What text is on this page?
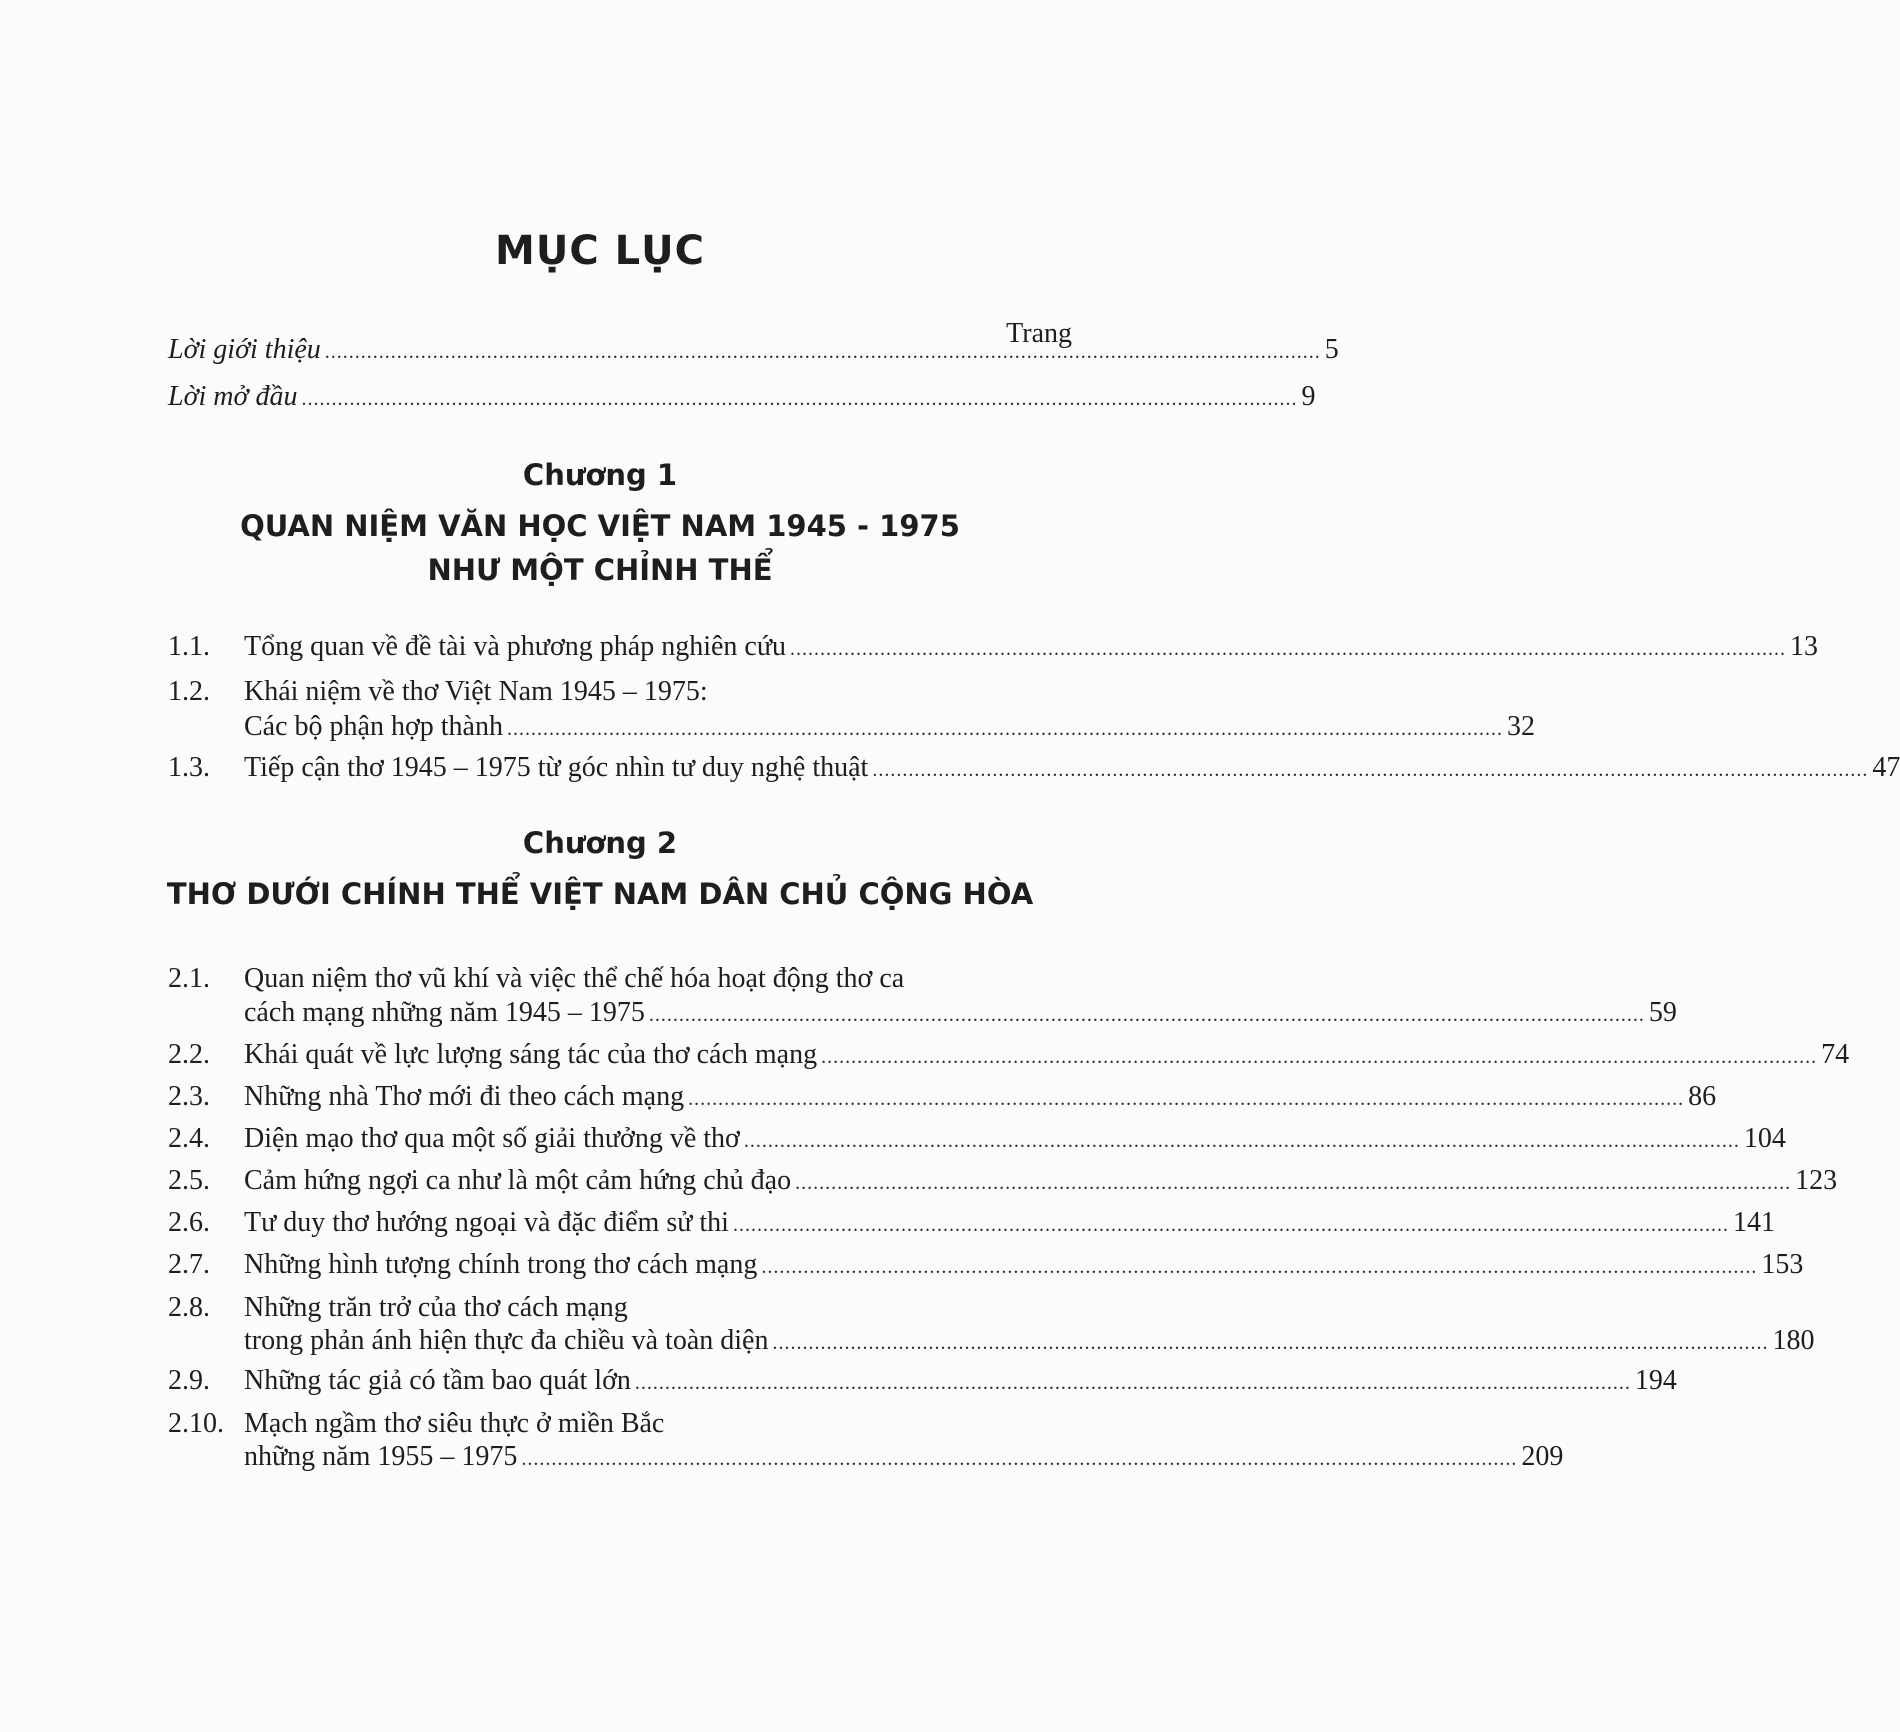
MỤC LỤC
Trang
Lời giới thiệu ...................................................................................................................................................................... 5
Lời mở đầu ...................................................................................................................................................................... 9
Chương 1
QUAN NIỆM VĂN HỌC VIỆT NAM 1945 - 1975
NHƯ MỘT CHỈNH THỂ
1.1. Tổng quan về đề tài và phương pháp nghiên cứu ...................................................................................................................................................................... 13
1.2. Khái niệm về thơ Việt Nam 1945 – 1975:
Các bộ phận hợp thành ...................................................................................................................................................................... 32
1.3. Tiếp cận thơ 1945 – 1975 từ góc nhìn tư duy nghệ thuật ...................................................................................................................................................................... 47
Chương 2
THƠ DƯỚI CHÍNH THỂ VIỆT NAM DÂN CHỦ CỘNG HÒA
2.1. Quan niệm thơ vũ khí và việc thể chế hóa hoạt động thơ ca
cách mạng những năm 1945 – 1975 ...................................................................................................................................................................... 59
2.2. Khái quát về lực lượng sáng tác của thơ cách mạng ...................................................................................................................................................................... 74
2.3. Những nhà Thơ mới đi theo cách mạng ...................................................................................................................................................................... 86
2.4. Diện mạo thơ qua một số giải thưởng về thơ ...................................................................................................................................................................... 104
2.5. Cảm hứng ngợi ca như là một cảm hứng chủ đạo ...................................................................................................................................................................... 123
2.6. Tư duy thơ hướng ngoại và đặc điểm sử thi ...................................................................................................................................................................... 141
2.7. Những hình tượng chính trong thơ cách mạng ...................................................................................................................................................................... 153
2.8. Những trăn trở của thơ cách mạng
trong phản ánh hiện thực đa chiều và toàn diện ...................................................................................................................................................................... 180
2.9. Những tác giả có tầm bao quát lớn ...................................................................................................................................................................... 194
2.10. Mạch ngầm thơ siêu thực ở miền Bắc
những năm 1955 – 1975 ...................................................................................................................................................................... 209
